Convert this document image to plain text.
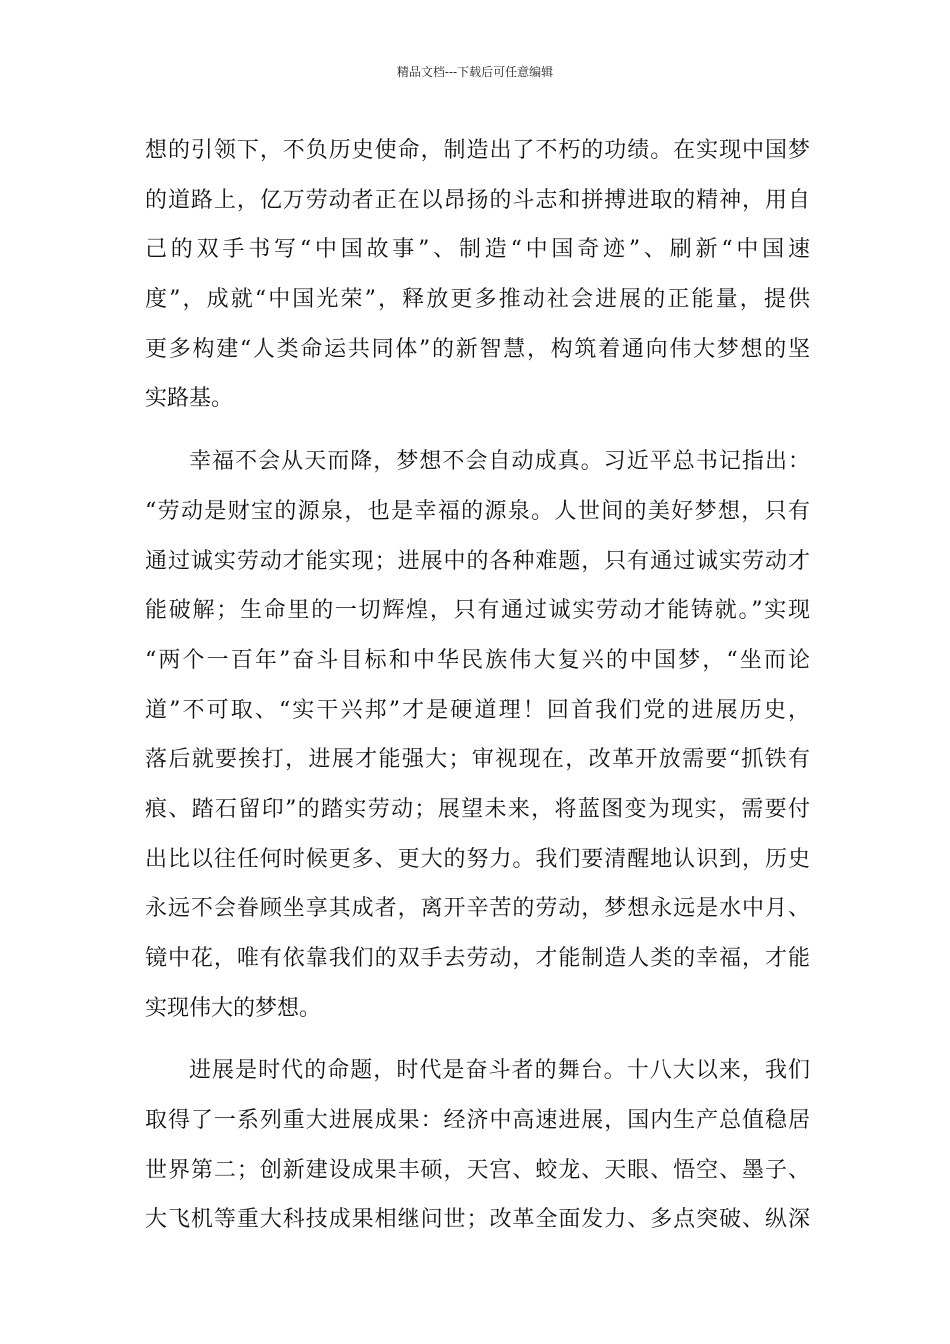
精品文档---下载后可任意编辑
想的引领下，不负历史使命，制造出了不朽的功绩。在实现中国梦
的道路上，亿万劳动者正在以昂扬的斗志和拼搏进取的精神，用自
己的双手书写“中国故事”、制造“中国奇迹”、刷新“中国速
度”，成就“中国光荣”，释放更多推动社会进展的正能量，提供
更多构建“人类命运共同体”的新智慧，构筑着通向伟大梦想的坚
实路基。
幸福不会从天而降，梦想不会自动成真。习近平总书记指出：
“劳动是财宝的源泉，也是幸福的源泉。人世间的美好梦想，只有
通过诚实劳动才能实现；进展中的各种难题，只有通过诚实劳动才
能破解；生命里的一切辉煌，只有通过诚实劳动才能铸就。”实现
“两个一百年”奋斗目标和中华民族伟大复兴的中国梦，“坐而论
道”不可取、“实干兴邦”才是硬道理！回首我们党的进展历史，
落后就要挨打，进展才能强大；审视现在，改革开放需要“抓铁有
痕、踏石留印”的踏实劳动；展望未来，将蓝图变为现实，需要付
出比以往任何时候更多、更大的努力。我们要清醒地认识到，历史
永远不会眷顾坐享其成者，离开辛苦的劳动，梦想永远是水中月、
镜中花，唯有依靠我们的双手去劳动，才能制造人类的幸福，才能
实现伟大的梦想。
进展是时代的命题，时代是奋斗者的舞台。十八大以来，我们
取得了一系列重大进展成果：经济中高速进展，国内生产总值稳居
世界第二；创新建设成果丰硕，天宫、蛟龙、天眼、悟空、墨子、
大飞机等重大科技成果相继问世；改革全面发力、多点突破、纵深
